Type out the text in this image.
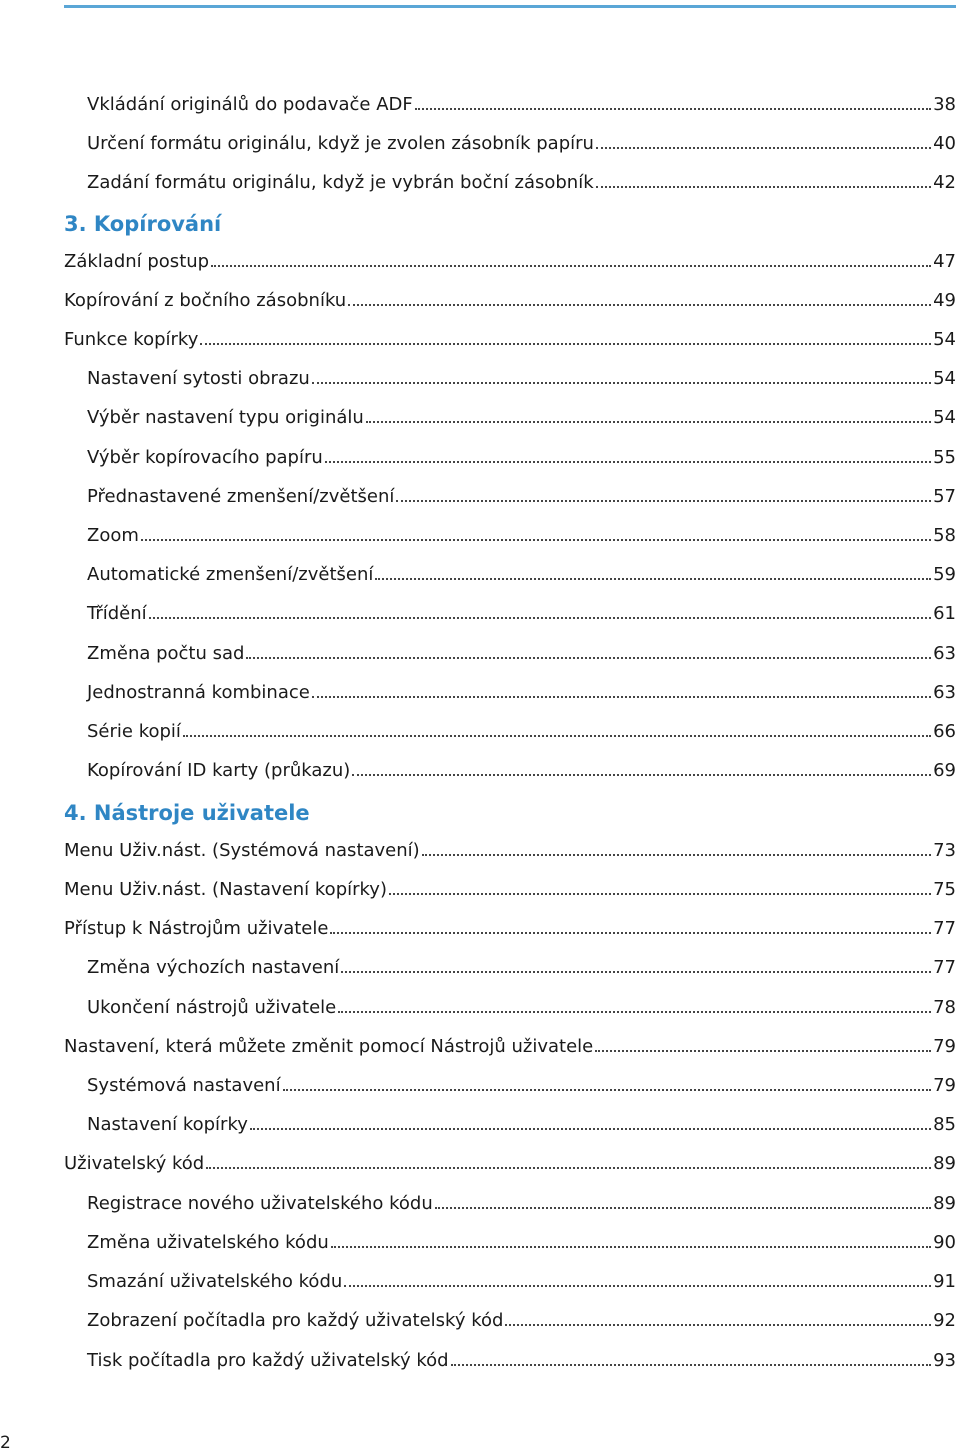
Vkládání originálů do podavače ADF	38
Určení formátu originálu, když je zvolen zásobník papíru	40
Zadání formátu originálu, když je vybrán boční zásobník	42
3. Kopírování
Základní postup	47
Kopírování z bočního zásobníku	49
Funkce kopírky	54
Nastavení sytosti obrazu	54
Výběr nastavení typu originálu	54
Výběr kopírovacího papíru	55
Přednastavené zmenšení/zvětšení	57
Zoom	58
Automatické zmenšení/zvětšení	59
Třídění	61
Změna počtu sad	63
Jednostranná kombinace	63
Série kopií	66
Kopírování ID karty (průkazu)	69
4. Nástroje uživatele
Menu Uživ.nást. (Systémová nastavení)	73
Menu Uživ.nást. (Nastavení kopírky)	75
Přístup k Nástrojům uživatele	77
Změna výchozích nastavení	77
Ukončení nástrojů uživatele	78
Nastavení, která můžete změnit pomocí Nástrojů uživatele	79
Systémová nastavení	79
Nastavení kopírky	85
Uživatelský kód	89
Registrace nového uživatelského kódu	89
Změna uživatelského kódu	90
Smazání uživatelského kódu	91
Zobrazení počítadla pro každý uživatelský kód	92
Tisk počítadla pro každý uživatelský kód	93
2
